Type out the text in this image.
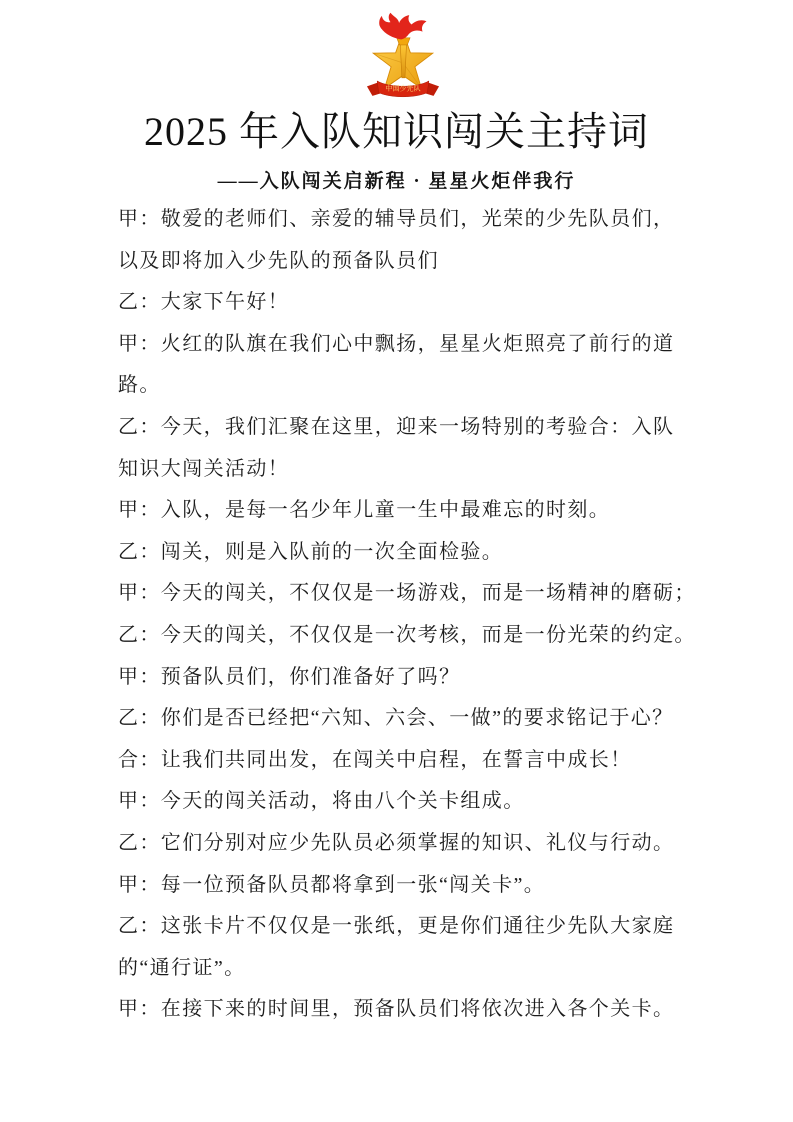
中国少先队
2025 年入队知识闯关主持词
——入队闯关启新程 · 星星火炬伴我行
甲：敬爱的老师们、亲爱的辅导员们，光荣的少先队员们，
以及即将加入少先队的预备队员们
乙：大家下午好！
甲：火红的队旗在我们心中飘扬，星星火炬照亮了前行的道
路。
乙：今天，我们汇聚在这里，迎来一场特别的考验合：入队
知识大闯关活动！
甲：入队，是每一名少年儿童一生中最难忘的时刻。
乙：闯关，则是入队前的一次全面检验。
甲：今天的闯关，不仅仅是一场游戏，而是一场精神的磨砺；
乙：今天的闯关，不仅仅是一次考核，而是一份光荣的约定。
甲：预备队员们，你们准备好了吗？
乙：你们是否已经把“六知、六会、一做”的要求铭记于心？
合：让我们共同出发，在闯关中启程，在誓言中成长！
甲：今天的闯关活动，将由八个关卡组成。
乙：它们分别对应少先队员必须掌握的知识、礼仪与行动。
甲：每一位预备队员都将拿到一张“闯关卡”。
乙：这张卡片不仅仅是一张纸，更是你们通往少先队大家庭
的“通行证”。
甲：在接下来的时间里，预备队员们将依次进入各个关卡。
